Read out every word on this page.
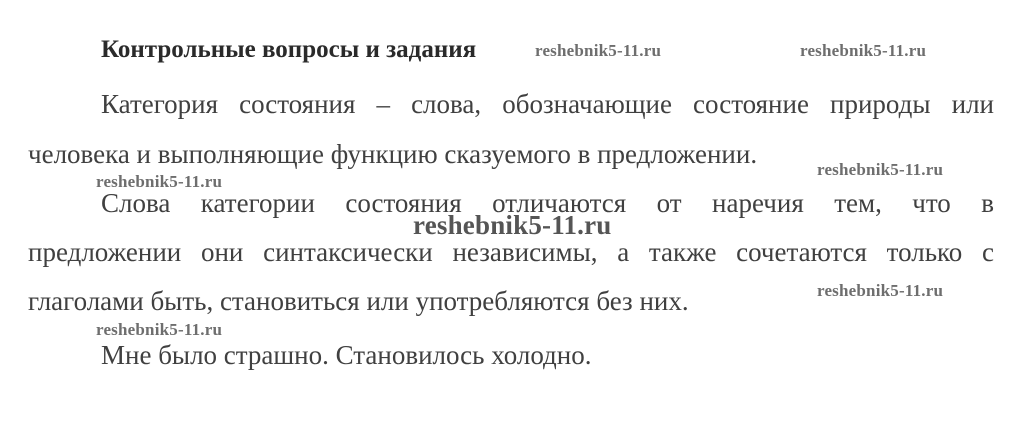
Контрольные вопросы и задания
Категория состояния – слова, обозначающие состояние природы или
человека и выполняющие функцию сказуемого в предложении.
Слова категории состояния отличаются от наречия тем, что в
предложении они синтаксически независимы, а также сочетаются только с
глаголами быть, становиться или употребляются без них.
Мне было страшно. Становилось холодно.
reshebnik5-11.ru	reshebnik5-11.ru
reshebnik5-11.ru
reshebnik5-11.ru
reshebnik5-11.ru
reshebnik5-11.ru
reshebnik5-11.ru
